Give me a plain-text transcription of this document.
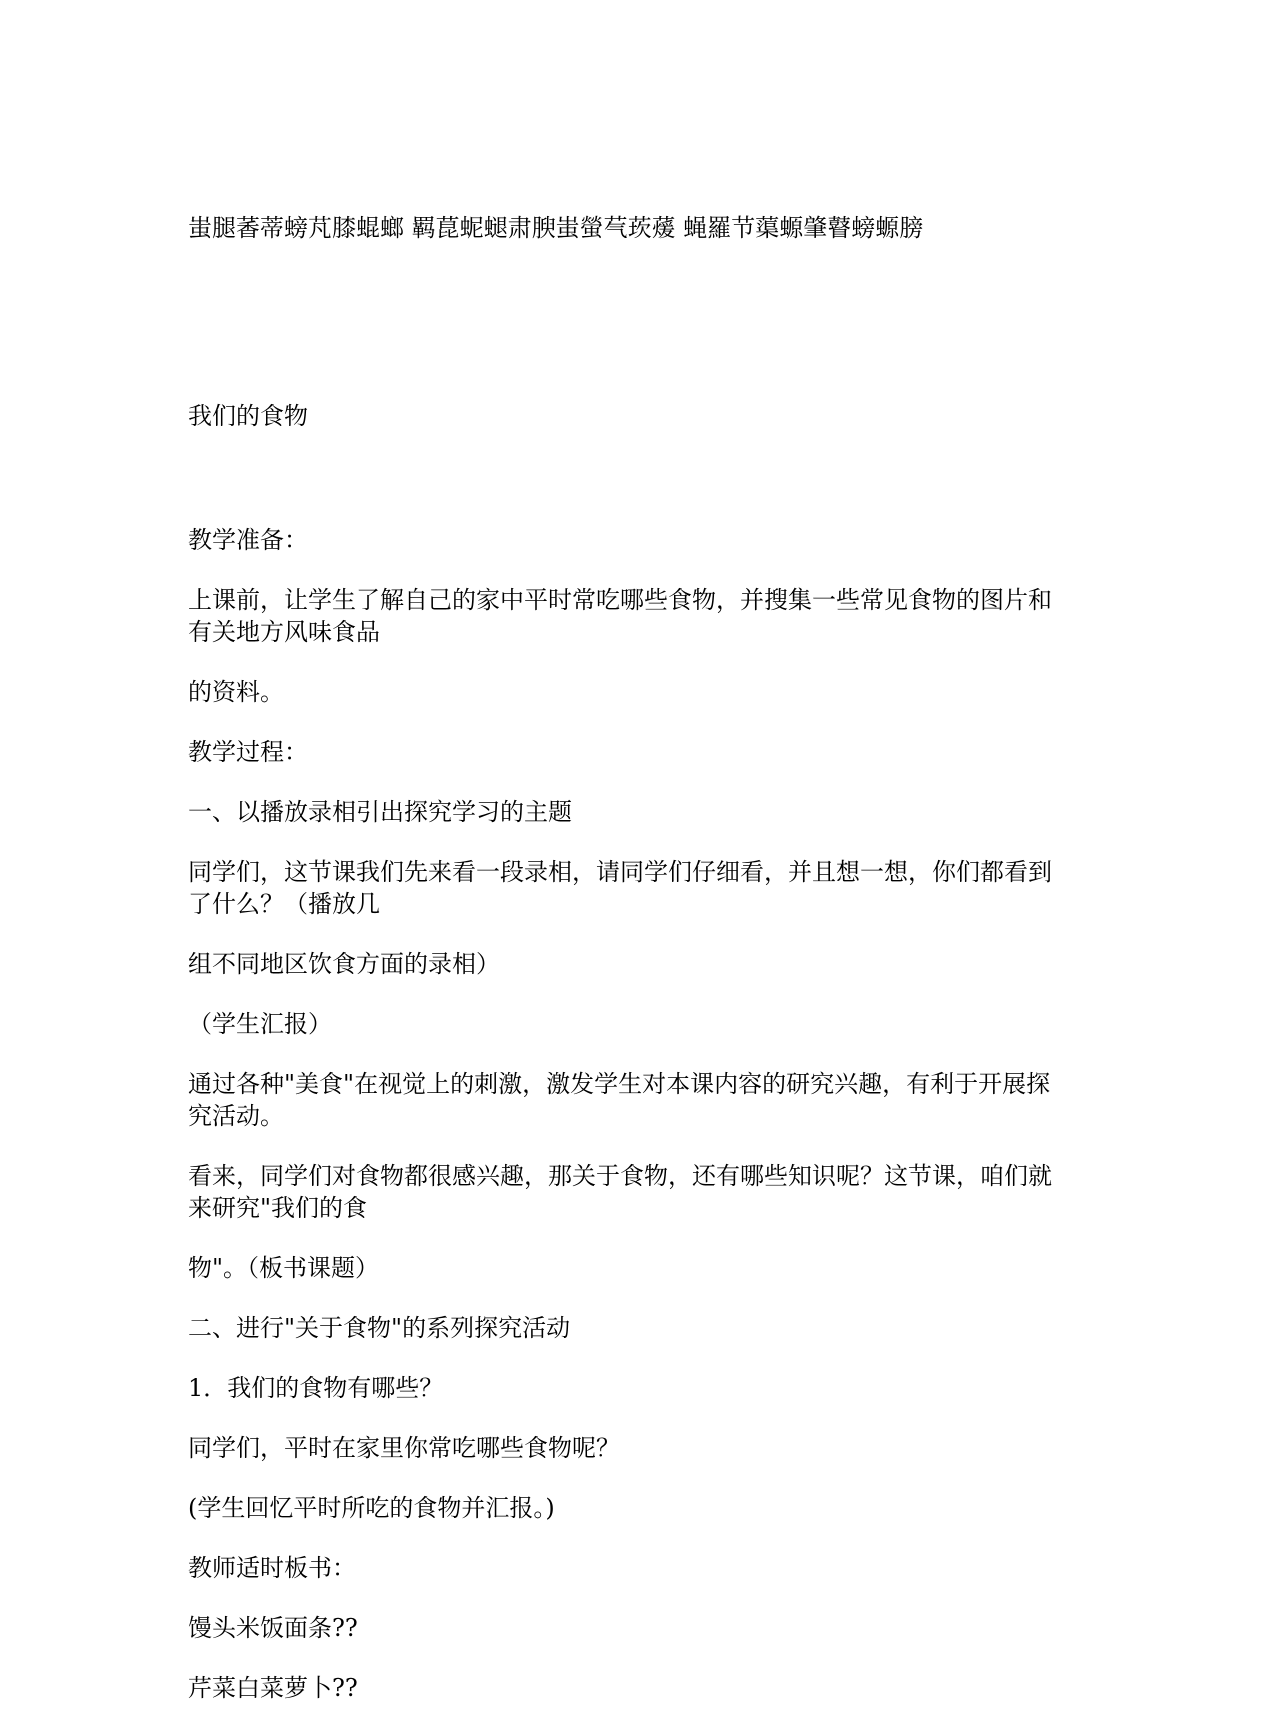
蚩腿萫蒂螃芃膝蜫螂 羁菎蚭螁肃腴蚩螢芞莰蕿 蝇羅节蕖螈肇瞽螃螈膀

我们的食物

教学准备：
上课前，让学生了解自己的家中平时常吃哪些食物，并搜集一些常见食物的图片和
有关地方风味食品
的资料。
教学过程：
一、以播放录相引出探究学习的主题
同学们，这节课我们先来看一段录相，请同学们仔细看，并且想一想，你们都看到
了什么？（播放几
组不同地区饮食方面的录相）
（学生汇报）
通过各种"美食"在视觉上的刺激，激发学生对本课内容的研究兴趣，有利于开展探
究活动。
看来，同学们对食物都很感兴趣，那关于食物，还有哪些知识呢？这节课，咱们就
来研究"我们的食
物"。（板书课题）
二、进行"关于食物"的系列探究活动
1．我们的食物有哪些？
同学们，平时在家里你常吃哪些食物呢？
(学生回忆平时所吃的食物并汇报。)
教师适时板书：
馒头米饭面条??
芹菜白菜萝卜??
